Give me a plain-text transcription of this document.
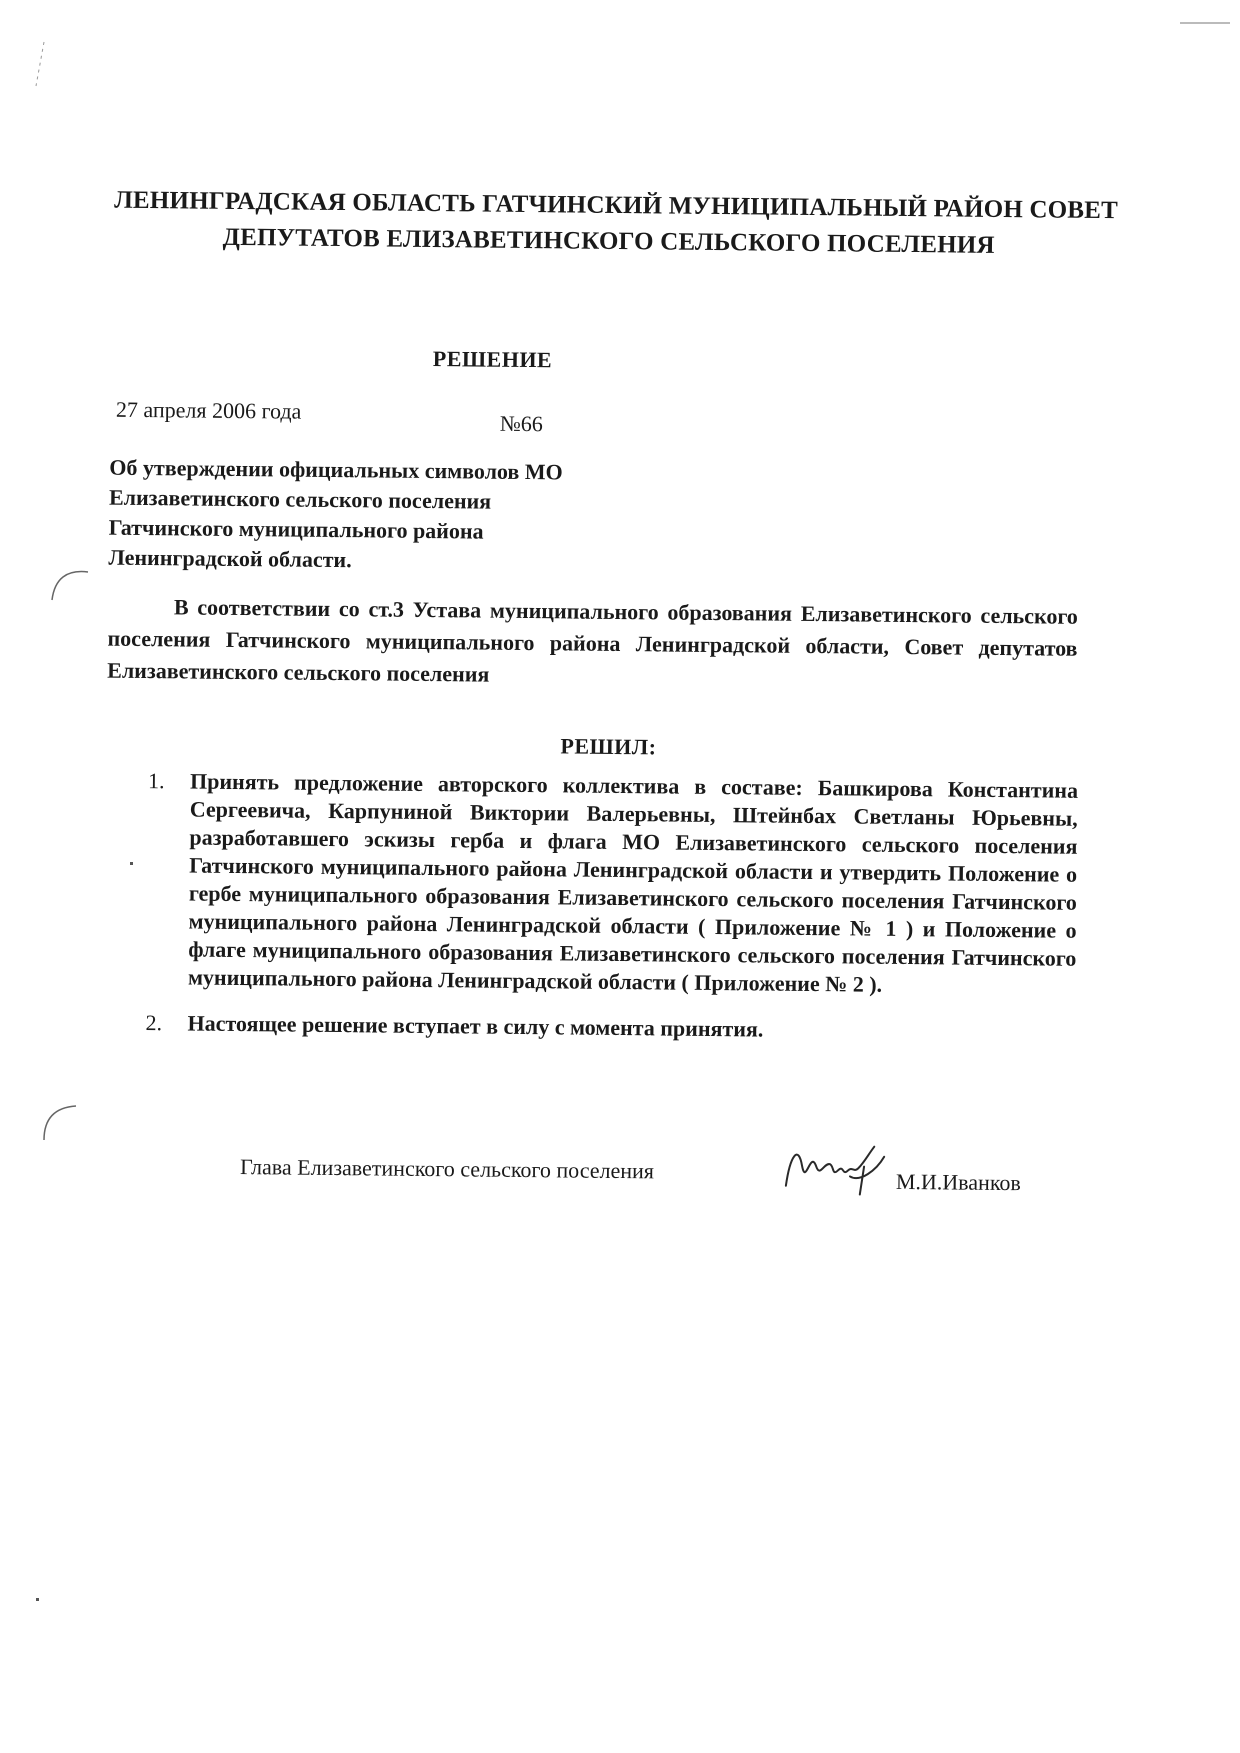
ЛЕНИНГРАДСКАЯ ОБЛАСТЬ ГАТЧИНСКИЙ МУНИЦИПАЛЬНЫЙ РАЙОН СОВЕТ
ДЕПУТАТОВ ЕЛИЗАВЕТИНСКОГО СЕЛЬСКОГО ПОСЕЛЕНИЯ
РЕШЕНИЕ
27 апреля 2006 года	№66
Об утверждении официальных символов МО
Елизаветинского сельского поселения
Гатчинского муниципального района
Ленинградской области.
В соответствии со ст.3 Устава муниципального образования Елизаветинского сельского поселения Гатчинского муниципального района Ленинградской области, Совет депутатов Елизаветинского сельского поселения
РЕШИЛ:
1. Принять предложение авторского коллектива в составе: Башкирова Константина Сергеевича, Карпуниной Виктории Валерьевны, Штейнбах Светланы Юрьевны, разработавшего эскизы герба и флага МО Елизаветинского сельского поселения Гатчинского муниципального района Ленинградской области и утвердить Положение о гербе муниципального образования Елизаветинского сельского поселения Гатчинского муниципального района Ленинградской области ( Приложение № 1 ) и Положение о флаге муниципального образования Елизаветинского сельского поселения Гатчинского муниципального района Ленинградской области ( Приложение № 2 ).
2. Настоящее решение вступает в силу с момента принятия.
Глава Елизаветинского сельского поселения	М.И.Иванков
